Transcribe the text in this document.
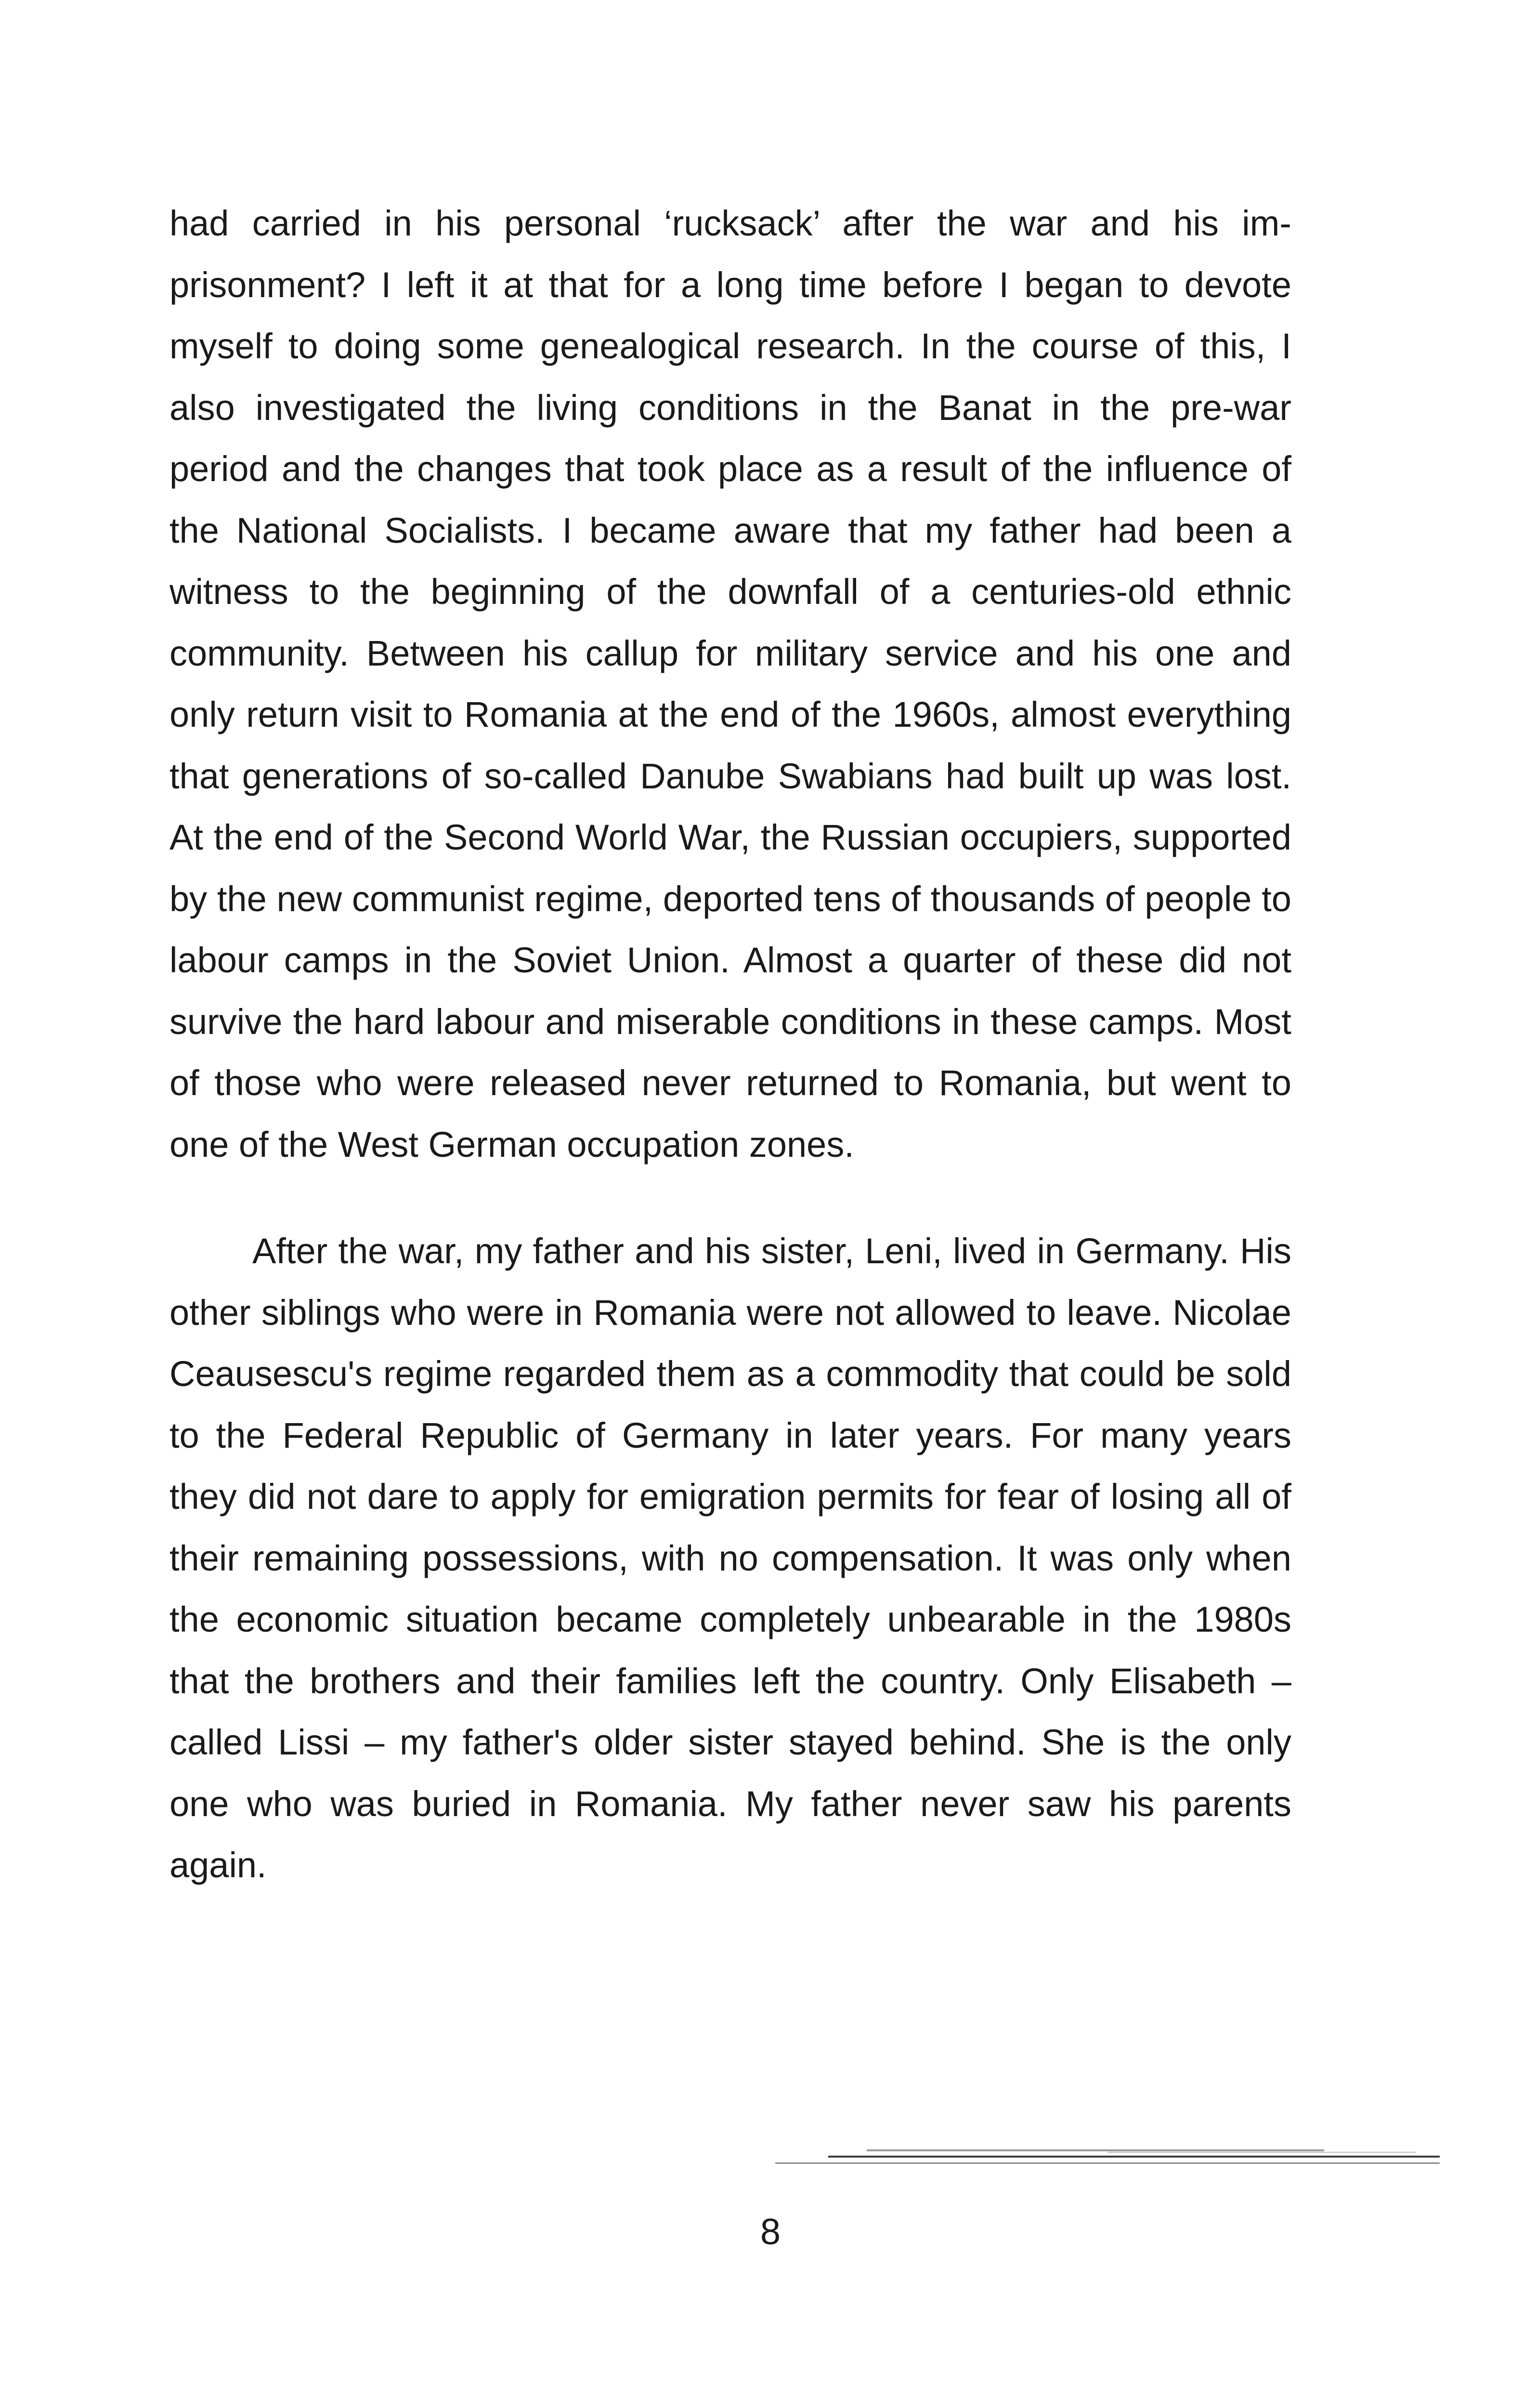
had carried in his personal ‘rucksack’ after the war and his imprisonment? I left it at that for a long time before I began to devote myself to doing some genealogical research. In the course of this, I also investigated the living conditions in the Banat in the pre-war period and the changes that took place as a result of the influence of the National Socialists. I became aware that my father had been a witness to the beginning of the downfall of a centuries-old ethnic community. Between his callup for military service and his one and only return visit to Romania at the end of the 1960s, almost everything that generations of so-called Danube Swabians had built up was lost. At the end of the Second World War, the Russian occupiers, supported by the new communist regime, deported tens of thousands of people to labour camps in the Soviet Union. Almost a quarter of these did not survive the hard labour and miserable conditions in these camps. Most of those who were released never returned to Romania, but went to one of the West German occupation zones.

After the war, my father and his sister, Leni, lived in Germany. His other siblings who were in Romania were not allowed to leave. Nicolae Ceausescu's regime regarded them as a commodity that could be sold to the Federal Republic of Germany in later years. For many years they did not dare to apply for emigration permits for fear of losing all of their remaining possessions, with no compensation. It was only when the economic situation became completely unbearable in the 1980s that the brothers and their families left the country. Only Elisabeth – called Lissi – my father's older sister stayed behind. She is the only one who was buried in Romania. My father never saw his parents again.

8
